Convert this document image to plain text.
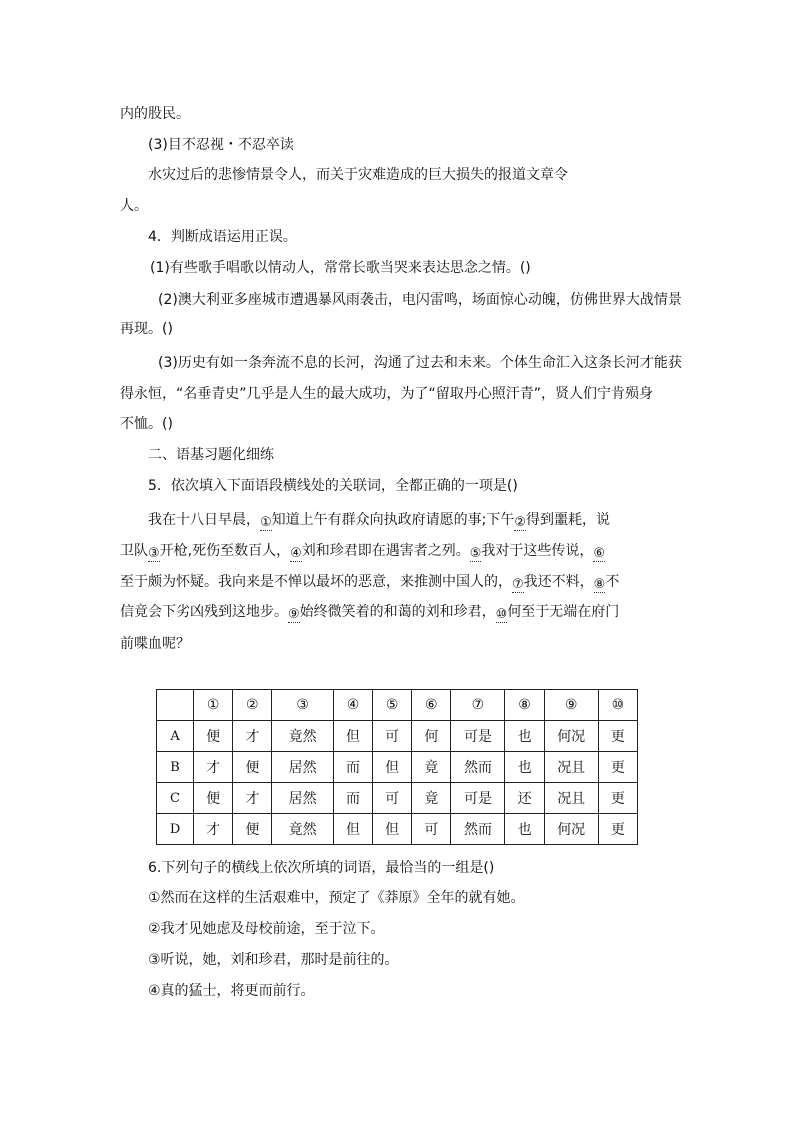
内的股民。
(3)目不忍视・不忍卒读
水灾过后的悲惨情景令人，而关于灾难造成的巨大损失的报道文章令
人。
4．判断成语运用正误。
(1)有些歌手唱歌以情动人，常常长歌当哭来表达思念之情。()
(2)澳大利亚多座城市遭遇暴风雨袭击，电闪雷鸣，场面惊心动魄，仿佛世界大战情景
再现。()
(3)历史有如一条奔流不息的长河，沟通了过去和未来。个体生命汇入这条长河才能获
得永恒，“名垂青史”几乎是人生的最大成功，为了“留取丹心照汗青”，贤人们宁肯殒身
不恤。()
二、语基习题化细练
5．依次填入下面语段横线处的关联词，全都正确的一项是()
我在十八日早晨，①知道上午有群众向执政府请愿的事;下午②得到噩耗，说
卫队③开枪,死伤至数百人，④刘和珍君即在遇害者之列。⑤我对于这些传说，⑥
至于颇为怀疑。我向来是不惮以最坏的恶意，来推测中国人的，⑦我还不料，⑧不
信竟会下劣凶残到这地步。⑨始终微笑着的和蔼的刘和珍君，⑩何至于无端在府门
前喋血呢？
	①	②	③	④	⑤	⑥	⑦	⑧	⑨	⑩
A	便	才	竟然	但	可	何	可是	也	何况	更
B	才	便	居然	而	但	竟	然而	也	况且	更
C	便	才	居然	而	可	竟	可是	还	况且	更
D	才	便	竟然	但	但	可	然而	也	何况	更
6.下列句子的横线上依次所填的词语，最恰当的一组是()
①然而在这样的生活艰难中，预定了《莽原》全年的就有她。
②我才见她虑及母校前途，至于泣下。
③听说，她，刘和珍君，那时是前往的。
④真的猛士，将更而前行。
